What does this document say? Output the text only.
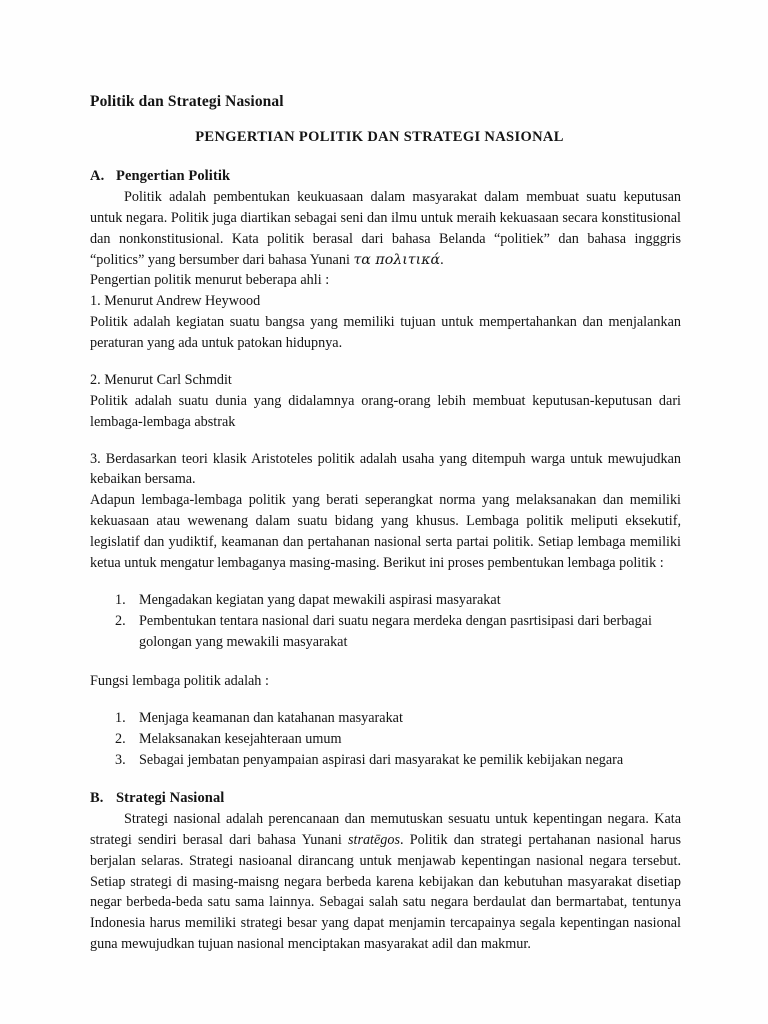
Politik dan Strategi Nasional
PENGERTIAN POLITIK DAN STRATEGI NASIONAL
A. Pengertian Politik

Politik adalah pembentukan keukuasaan dalam masyarakat dalam membuat suatu keputusan untuk negara. Politik juga diartikan sebagai seni dan ilmu untuk meraih kekuasaan secara konstitusional dan nonkonstitusional. Kata politik berasal dari bahasa Belanda “politiek” dan bahasa ingggris “politics” yang bersumber dari bahasa Yunani τα πολιτικά.

Pengertian politik menurut beberapa ahli :

1. Menurut Andrew Heywood

Politik adalah kegiatan suatu bangsa yang memiliki tujuan untuk mempertahankan dan menjalankan peraturan yang ada untuk patokan hidupnya.

2. Menurut Carl Schmdit

Politik adalah suatu dunia yang didalamnya orang-orang lebih membuat keputusan-keputusan dari lembaga-lembaga abstrak

3. Berdasarkan teori klasik Aristoteles politik adalah usaha yang ditempuh warga untuk mewujudkan kebaikan bersama.

Adapun lembaga-lembaga politik yang berati seperangkat norma yang melaksanakan dan memiliki kekuasaan atau wewenang dalam suatu bidang yang khusus. Lembaga politik meliputi eksekutif, legislatif dan yudiktif, keamanan dan pertahanan nasional serta partai politik. Setiap lembaga memiliki ketua untuk mengatur lembaganya masing-masing. Berikut ini proses pembentukan lembaga politik :

1. Mengadakan kegiatan yang dapat mewakili aspirasi masyarakat
2. Pembentukan tentara nasional dari suatu negara merdeka dengan pasrtisipasi dari berbagai golongan yang mewakili masyarakat

Fungsi lembaga politik adalah :

1. Menjaga keamanan dan katahanan masyarakat
2. Melaksanakan kesejahteraan umum
3. Sebagai jembatan penyampaian aspirasi dari masyarakat ke pemilik kebijakan negara
B. Strategi Nasional

Strategi nasional adalah perencanaan dan memutuskan sesuatu untuk kepentingan negara. Kata strategi sendiri berasal dari bahasa Yunani stratēgos. Politik dan strategi pertahanan nasional harus berjalan selaras. Strategi nasioanal dirancang untuk menjawab kepentingan nasional negara tersebut. Setiap strategi di masing-maisng negara berbeda karena kebijakan dan kebutuhan masyarakat disetiap negar berbeda-beda satu sama lainnya. Sebagai salah satu negara berdaulat dan bermartabat, tentunya Indonesia harus memiliki strategi besar yang dapat menjamin tercapainya segala kepentingan nasional guna mewujudkan tujuan nasional menciptakan masyarakat adil dan makmur.
